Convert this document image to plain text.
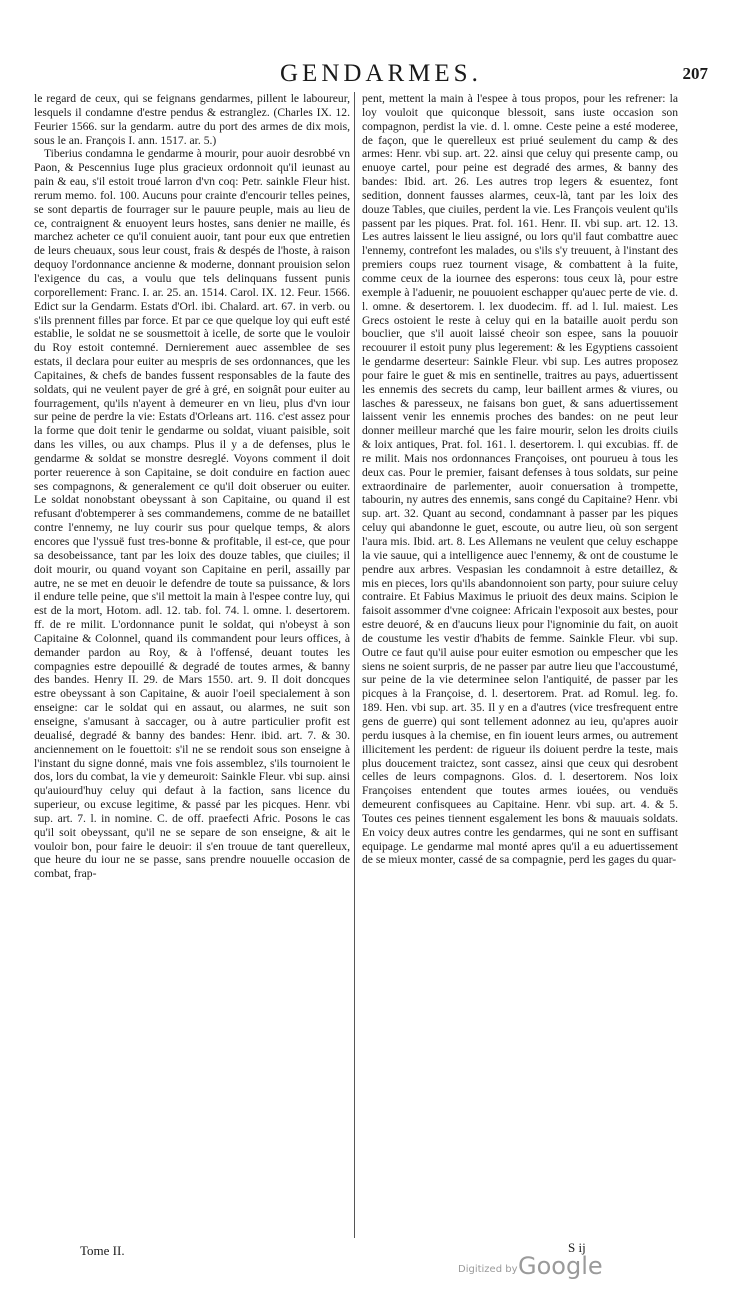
GENDARMES.	207

le regard de ceux, qui se feignans gendarmes, pillent le laboureur, lesquels il condamne d'estre pendus & estranglez. (Charles IX. 12. Feurier 1566. sur la gendarm. autre du port des armes de dix mois, sous le an. François I. ann. 1517. ar. 5.)

Tiberius condamna le gendarme à mourir, pour auoir desrobbé vn Paon, & Pescennius Iuge plus gracieux ordonnoit qu'il ieunast au pain & eau, s'il estoit troué larron d'vn coq: Petr. sainkle Fleur hist. rerum memo. fol. 100. Aucuns pour crainte d'encourir telles peines, se sont departis de fourrager sur le pauure peuple, mais au lieu de ce, contraignent & enuoyent leurs hostes, sans denier ne maille, és marchez acheter ce qu'il conuient auoir, tant pour eux que entretien de leurs cheuaux, sous leur coust, frais & despés de l'hoste, à raison dequoy l'ordonnance ancienne & moderne, donnant prouision selon l'exigence du cas, a voulu que tels delinquans fussent punis corporellement: Franc. I. ar. 25. an. 1514. Carol. IX. 12. Feur. 1566. Edict sur la Gendarm. Estats d'Orl. ibi. Chalard. art. 67. in verb. ou s'ils prennent filles par force. Et par ce que quelque loy qui euft esté establie, le soldat ne se sousmettoit à icelle, de sorte que le vouloir du Roy estoit contemné. Dernierement auec assemblee de ses estats, il declara pour euiter au mespris de ses ordonnances, que les Capitaines, & chefs de bandes fussent responsables de la faute des soldats, qui ne veulent payer de gré à gré, en soignât pour euiter au fourragement, qu'ils n'ayent à demeurer en vn lieu, plus d'vn iour sur peine de perdre la vie: Estats d'Orleans art. 116. c'est assez pour la forme que doit tenir le gendarme ou soldat, viuant paisible, soit dans les villes, ou aux champs. Plus il y a de defenses, plus le gendarme & soldat se monstre desreglé. Voyons comment il doit porter reuerence à son Capitaine, se doit conduire en faction auec ses compagnons, & generalement ce qu'il doit obseruer ou euiter. Le soldat nonobstant obeyssant à son Capitaine, ou quand il est refusant d'obtemperer à ses commandemens, comme de ne bataillet contre l'ennemy, ne luy courir sus pour quelque temps, & alors encores que l'yssuë fust tres-bonne & profitable, il est-ce, que pour sa desobeissance, tant par les loix des douze tables, que ciuiles; il doit mourir, ou quand voyant son Capitaine en peril, assailly par autre, ne se met en deuoir le defendre de toute sa puissance, & lors il endure telle peine, que s'il mettoit la main à l'espee contre luy, qui est de la mort, Hotom. adl. 12. tab. fol. 74. l. omne. l. desertorem. ff. de re milit. L'ordonnance punit le soldat, qui n'obeyst à son Capitaine & Colonnel, quand ils commandent pour leurs offices, à demander pardon au Roy, & à l'offensé, deuant toutes les compagnies estre depouillé & degradé de toutes armes, & banny des bandes. Henry II. 29. de Mars 1550. art. 9. Il doit doncques estre obeyssant à son Capitaine, & auoir l'oeil specialement à son enseigne: car le soldat qui en assaut, ou alarmes, ne suit son enseigne, s'amusant à saccager, ou à autre particulier profit est deualisé, degradé & banny des bandes: Henr. ibid. art. 7. & 30. anciennement on le fouettoit: s'il ne se rendoit sous son enseigne à l'instant du signe donné, mais vne fois assemblez, s'ils tournoient le dos, lors du combat, la vie y demeuroit: Sainkle Fleur. vbi sup. ainsi qu'auiourd'huy celuy qui defaut à la faction, sans licence du superieur, ou excuse legitime, & passé par les picques. Henr. vbi sup. art. 7. l. in nomine. C. de off. praefecti Afric. Posons le cas qu'il soit obeyssant, qu'il ne se separe de son enseigne, & ait le vouloir bon, pour faire le deuoir: il s'en trouue de tant querelleux, que heure du iour ne se passe, sans prendre nouuelle occasion de combat, frap-

pent, mettent la main à l'espee à tous propos, pour les refrener: la loy vouloit que quiconque blessoit, sans iuste occasion son compagnon, perdist la vie. d. l. omne. Ceste peine a esté moderee, de façon, que le querelleux est priué seulement du camp & des armes: Henr. vbi sup. art. 22. ainsi que celuy qui presente camp, ou enuoye cartel, pour peine est degradé des armes, & banny des bandes: Ibid. art. 26. Les autres trop legers & esuentez, font sedition, donnent fausses alarmes, ceux-là, tant par les loix des douze Tables, que ciuiles, perdent la vie. Les François veulent qu'ils passent par les piques. Prat. fol. 161. Henr. II. vbi sup. art. 12. 13. Les autres laissent le lieu assigné, ou lors qu'il faut combattre auec l'ennemy, contrefont les malades, ou s'ils s'y treuuent, à l'instant des premiers coups ruez tournent visage, & combattent à la fuite, comme ceux de la iournee des esperons: tous ceux là, pour estre exemple à l'aduenir, ne pouuoient eschapper qu'auec perte de vie. d. l. omne. & desertorem. l. lex duodecim. ff. ad l. Iul. maiest. Les Grecs ostoient le reste à celuy qui en la bataille auoit perdu son bouclier, que s'il auoit laissé cheoir son espee, sans la pouuoir recouurer il estoit puny plus legerement: & les Egyptiens cassoient le gendarme deserteur: Sainkle Fleur. vbi sup. Les autres proposez pour faire le guet & mis en sentinelle, traitres au pays, aduertissent les ennemis des secrets du camp, leur baillent armes & viures, ou lasches & paresseux, ne faisans bon guet, & sans aduertissement laissent venir les ennemis proches des bandes: on ne peut leur donner meilleur marché que les faire mourir, selon les droits ciuils & loix antiques, Prat. fol. 161. l. desertorem. l. qui excubias. ff. de re milit. Mais nos ordonnances Françoises, ont pourueu à tous les deux cas. Pour le premier, faisant defenses à tous soldats, sur peine extraordinaire de parlementer, auoir conuersation à trompette, tabourin, ny autres des ennemis, sans congé du Capitaine? Henr. vbi sup. art. 32. Quant au second, condamnant à passer par les piques celuy qui abandonne le guet, escoute, ou autre lieu, où son sergent l'aura mis. Ibid. art. 8. Les Allemans ne veulent que celuy eschappe la vie sauue, qui a intelligence auec l'ennemy, & ont de coustume le pendre aux arbres. Vespasian les condamnoit à estre detaillez, & mis en pieces, lors qu'ils abandonnoient son party, pour suiure celuy contraire. Et Fabius Maximus le priuoit des deux mains. Scipion le faisoit assommer d'vne coignee: Africain l'exposoit aux bestes, pour estre deuoré, & en d'aucuns lieux pour l'ignominie du fait, on auoit de coustume les vestir d'habits de femme. Sainkle Fleur. vbi sup. Outre ce faut qu'il auise pour euiter esmotion ou empescher que les siens ne soient surpris, de ne passer par autre lieu que l'accoustumé, sur peine de la vie determinee selon l'antiquité, de passer par les picques à la Françoise, d. l. desertorem. Prat. ad Romul. leg. fo. 189. Hen. vbi sup. art. 35. Il y en a d'autres (vice tresfrequent entre gens de guerre) qui sont tellement adonnez au ieu, qu'apres auoir perdu iusques à la chemise, en fin iouent leurs armes, ou autrement illicitement les perdent: de rigueur ils doiuent perdre la teste, mais plus doucement traictez, sont cassez, ainsi que ceux qui desrobent celles de leurs compagnons. Glos. d. l. desertorem. Nos loix Françoises entendent que toutes armes iouées, ou venduës demeurent confisquees au Capitaine. Henr. vbi sup. art. 4. & 5. Toutes ces peines tiennent esgalement les bons & mauuais soldats. En voicy deux autres contre les gendarmes, qui ne sont en suffisant equipage. Le gendarme mal monté apres qu'il a eu aduertissement de se mieux monter, cassé de sa compagnie, perd les gages du quar-

Tome II.	S ij
Digitized by Google
